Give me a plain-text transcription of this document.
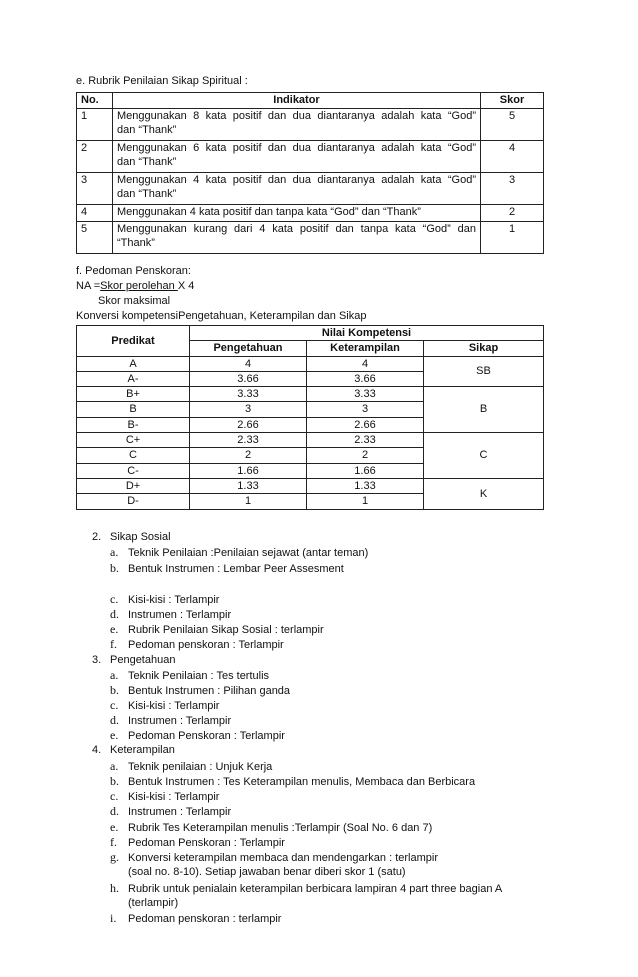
e. Rubrik Penilaian Sikap Spiritual :
No.	Indikator	Skor
1	Menggunakan 8 kata positif dan dua diantaranya adalah kata “God”
dan “Thank”	5
2	Menggunakan 6 kata positif dan dua diantaranya adalah kata “God”
dan “Thank”	4
3	Menggunakan 4 kata positif dan dua diantaranya adalah kata “God”
dan “Thank”	3
4	Menggunakan 4 kata positif dan tanpa kata “God” dan “Thank”	2
5	Menggunakan kurang dari 4 kata positif dan tanpa kata “God” dan
“Thank”	1
f. Pedoman Penskoran:
NA =Skor perolehan X 4
Skor maksimal
Konversi kompetensiPengetahuan, Keterampilan dan Sikap
Predikat	Nilai Kompetensi		
	Pengetahuan	Keterampilan	Sikap
A	4	4	SB
A-	3.66	3.66	
B+	3.33	3.33	B
B	3	3	
B-	2.66	2.66	
C+	2.33	2.33	C
C	2	2	
C-	1.66	1.66	
D+	1.33	1.33	K
D-	1	1	
2. Sikap Sosial
a. Teknik Penilaian :Penilaian sejawat (antar teman)
b. Bentuk Instrumen : Lembar Peer Assesment
c. Kisi-kisi : Terlampir
d. Instrumen : Terlampir
e. Rubrik Penilaian Sikap Sosial : terlampir
f. Pedoman penskoran : Terlampir
3. Pengetahuan
a. Teknik Penilaian : Tes tertulis
b. Bentuk Instrumen : Pilihan ganda
c. Kisi-kisi : Terlampir
d. Instrumen : Terlampir
e. Pedoman Penskoran : Terlampir
4. Keterampilan
a. Teknik penilaian : Unjuk Kerja
b. Bentuk Instrumen : Tes Keterampilan menulis, Membaca dan Berbicara
c. Kisi-kisi : Terlampir
d. Instrumen : Terlampir
e. Rubrik Tes Keterampilan menulis :Terlampir (Soal No. 6 dan 7)
f. Pedoman Penskoran : Terlampir
g. Konversi keterampilan membaca dan mendengarkan : terlampir
(soal no. 8-10). Setiap jawaban benar diberi skor 1 (satu)
h. Rubrik untuk penialain keterampilan berbicara lampiran 4 part three bagian A
(terlampir)
i. Pedoman penskoran : terlampir
